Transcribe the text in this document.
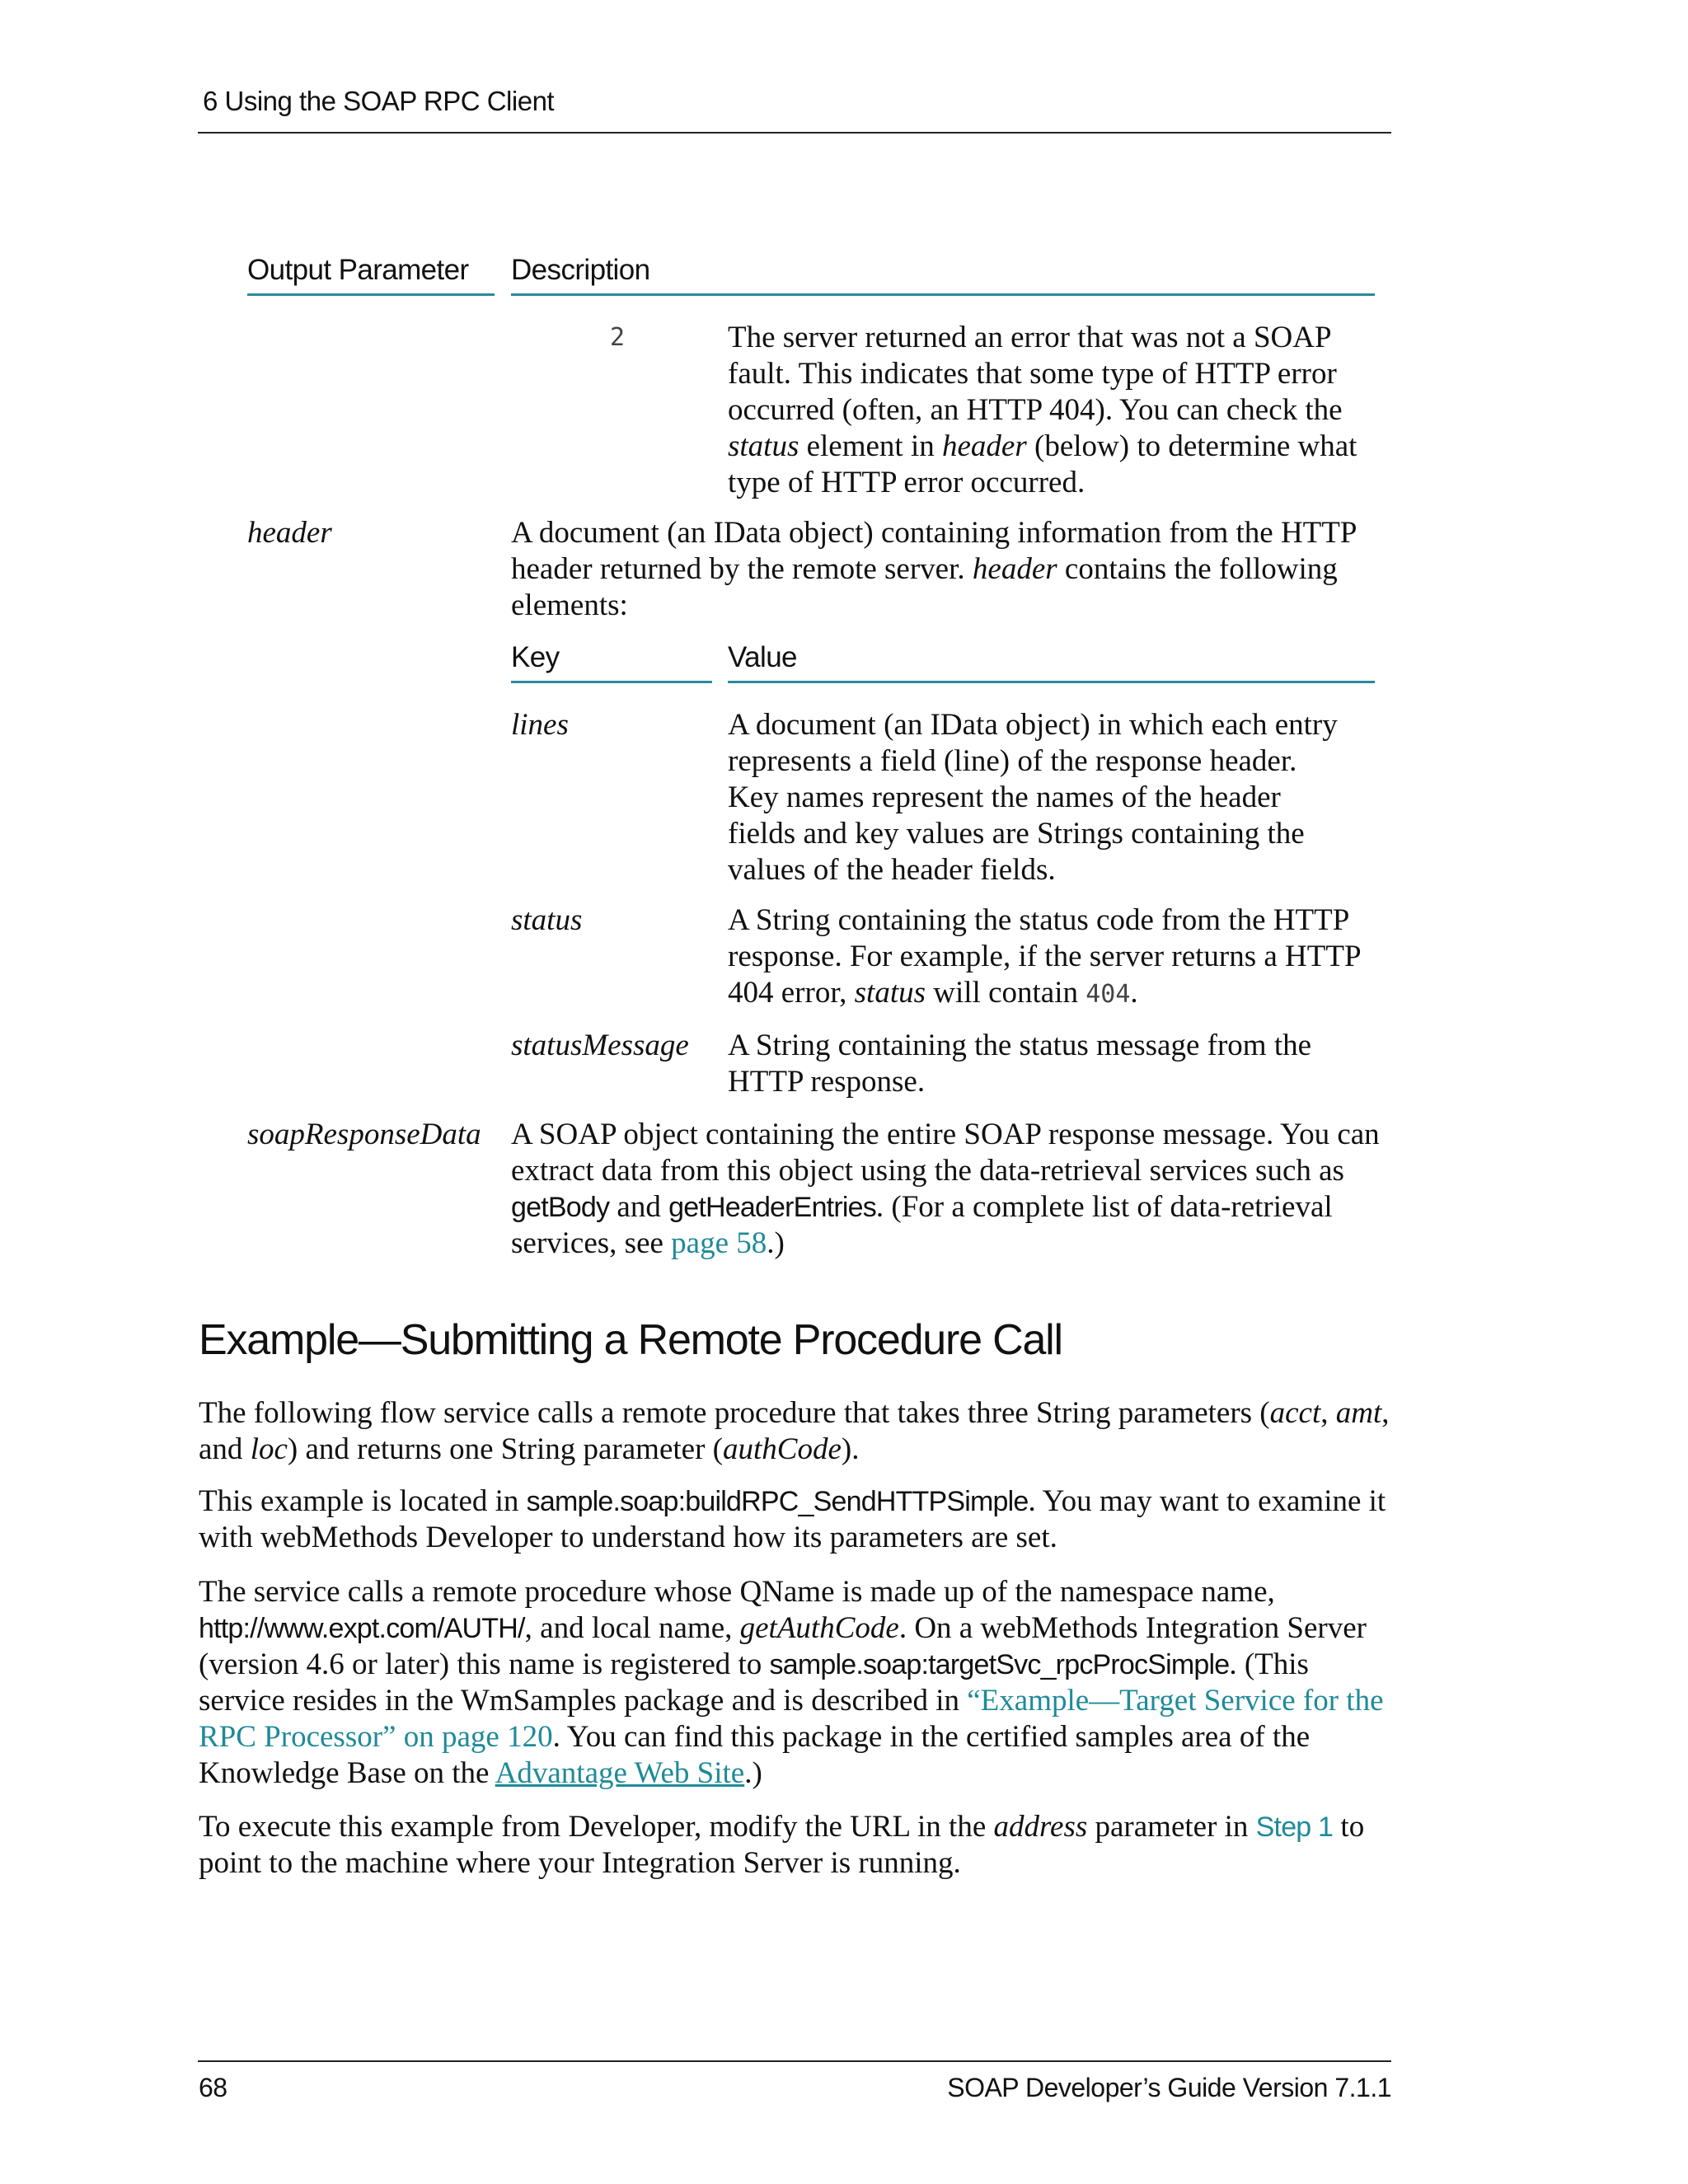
6 Using the SOAP RPC Client
Output Parameter Description
2	The server returned an error that was not a SOAP fault. This indicates that some type of HTTP error occurred (often, an HTTP 404). You can check the status element in header (below) to determine what type of HTTP error occurred.

header	A document (an IData object) containing information from the HTTP header returned by the remote server. header contains the following elements:

Key	Value
lines	A document (an IData object) in which each entry represents a field (line) of the response header. Key names represent the names of the header fields and key values are Strings containing the values of the header fields.

status	A String containing the status code from the HTTP response. For example, if the server returns a HTTP 404 error, status will contain 404.

statusMessage A String containing the status message from the HTTP response.

soapResponseData A SOAP object containing the entire SOAP response message. You can extract data from this object using the data-retrieval services such as getBody and getHeaderEntries. (For a complete list of data-retrieval services, see page 58.)

Example—Submitting a Remote Procedure Call

The following flow service calls a remote procedure that takes three String parameters (acct, amt, and loc) and returns one String parameter (authCode).

This example is located in sample.soap:buildRPC_SendHTTPSimple. You may want to examine it with webMethods Developer to understand how its parameters are set.

The service calls a remote procedure whose QName is made up of the namespace name, http://www.expt.com/AUTH/, and local name, getAuthCode. On a webMethods Integration Server (version 4.6 or later) this name is registered to sample.soap:targetSvc_rpcProcSimple. (This service resides in the WmSamples package and is described in “Example—Target Service for the RPC Processor” on page 120. You can find this package in the certified samples area of the Knowledge Base on the Advantage Web Site.)

To execute this example from Developer, modify the URL in the address parameter in Step 1 to point to the machine where your Integration Server is running.

68	SOAP Developer’s Guide Version 7.1.1
